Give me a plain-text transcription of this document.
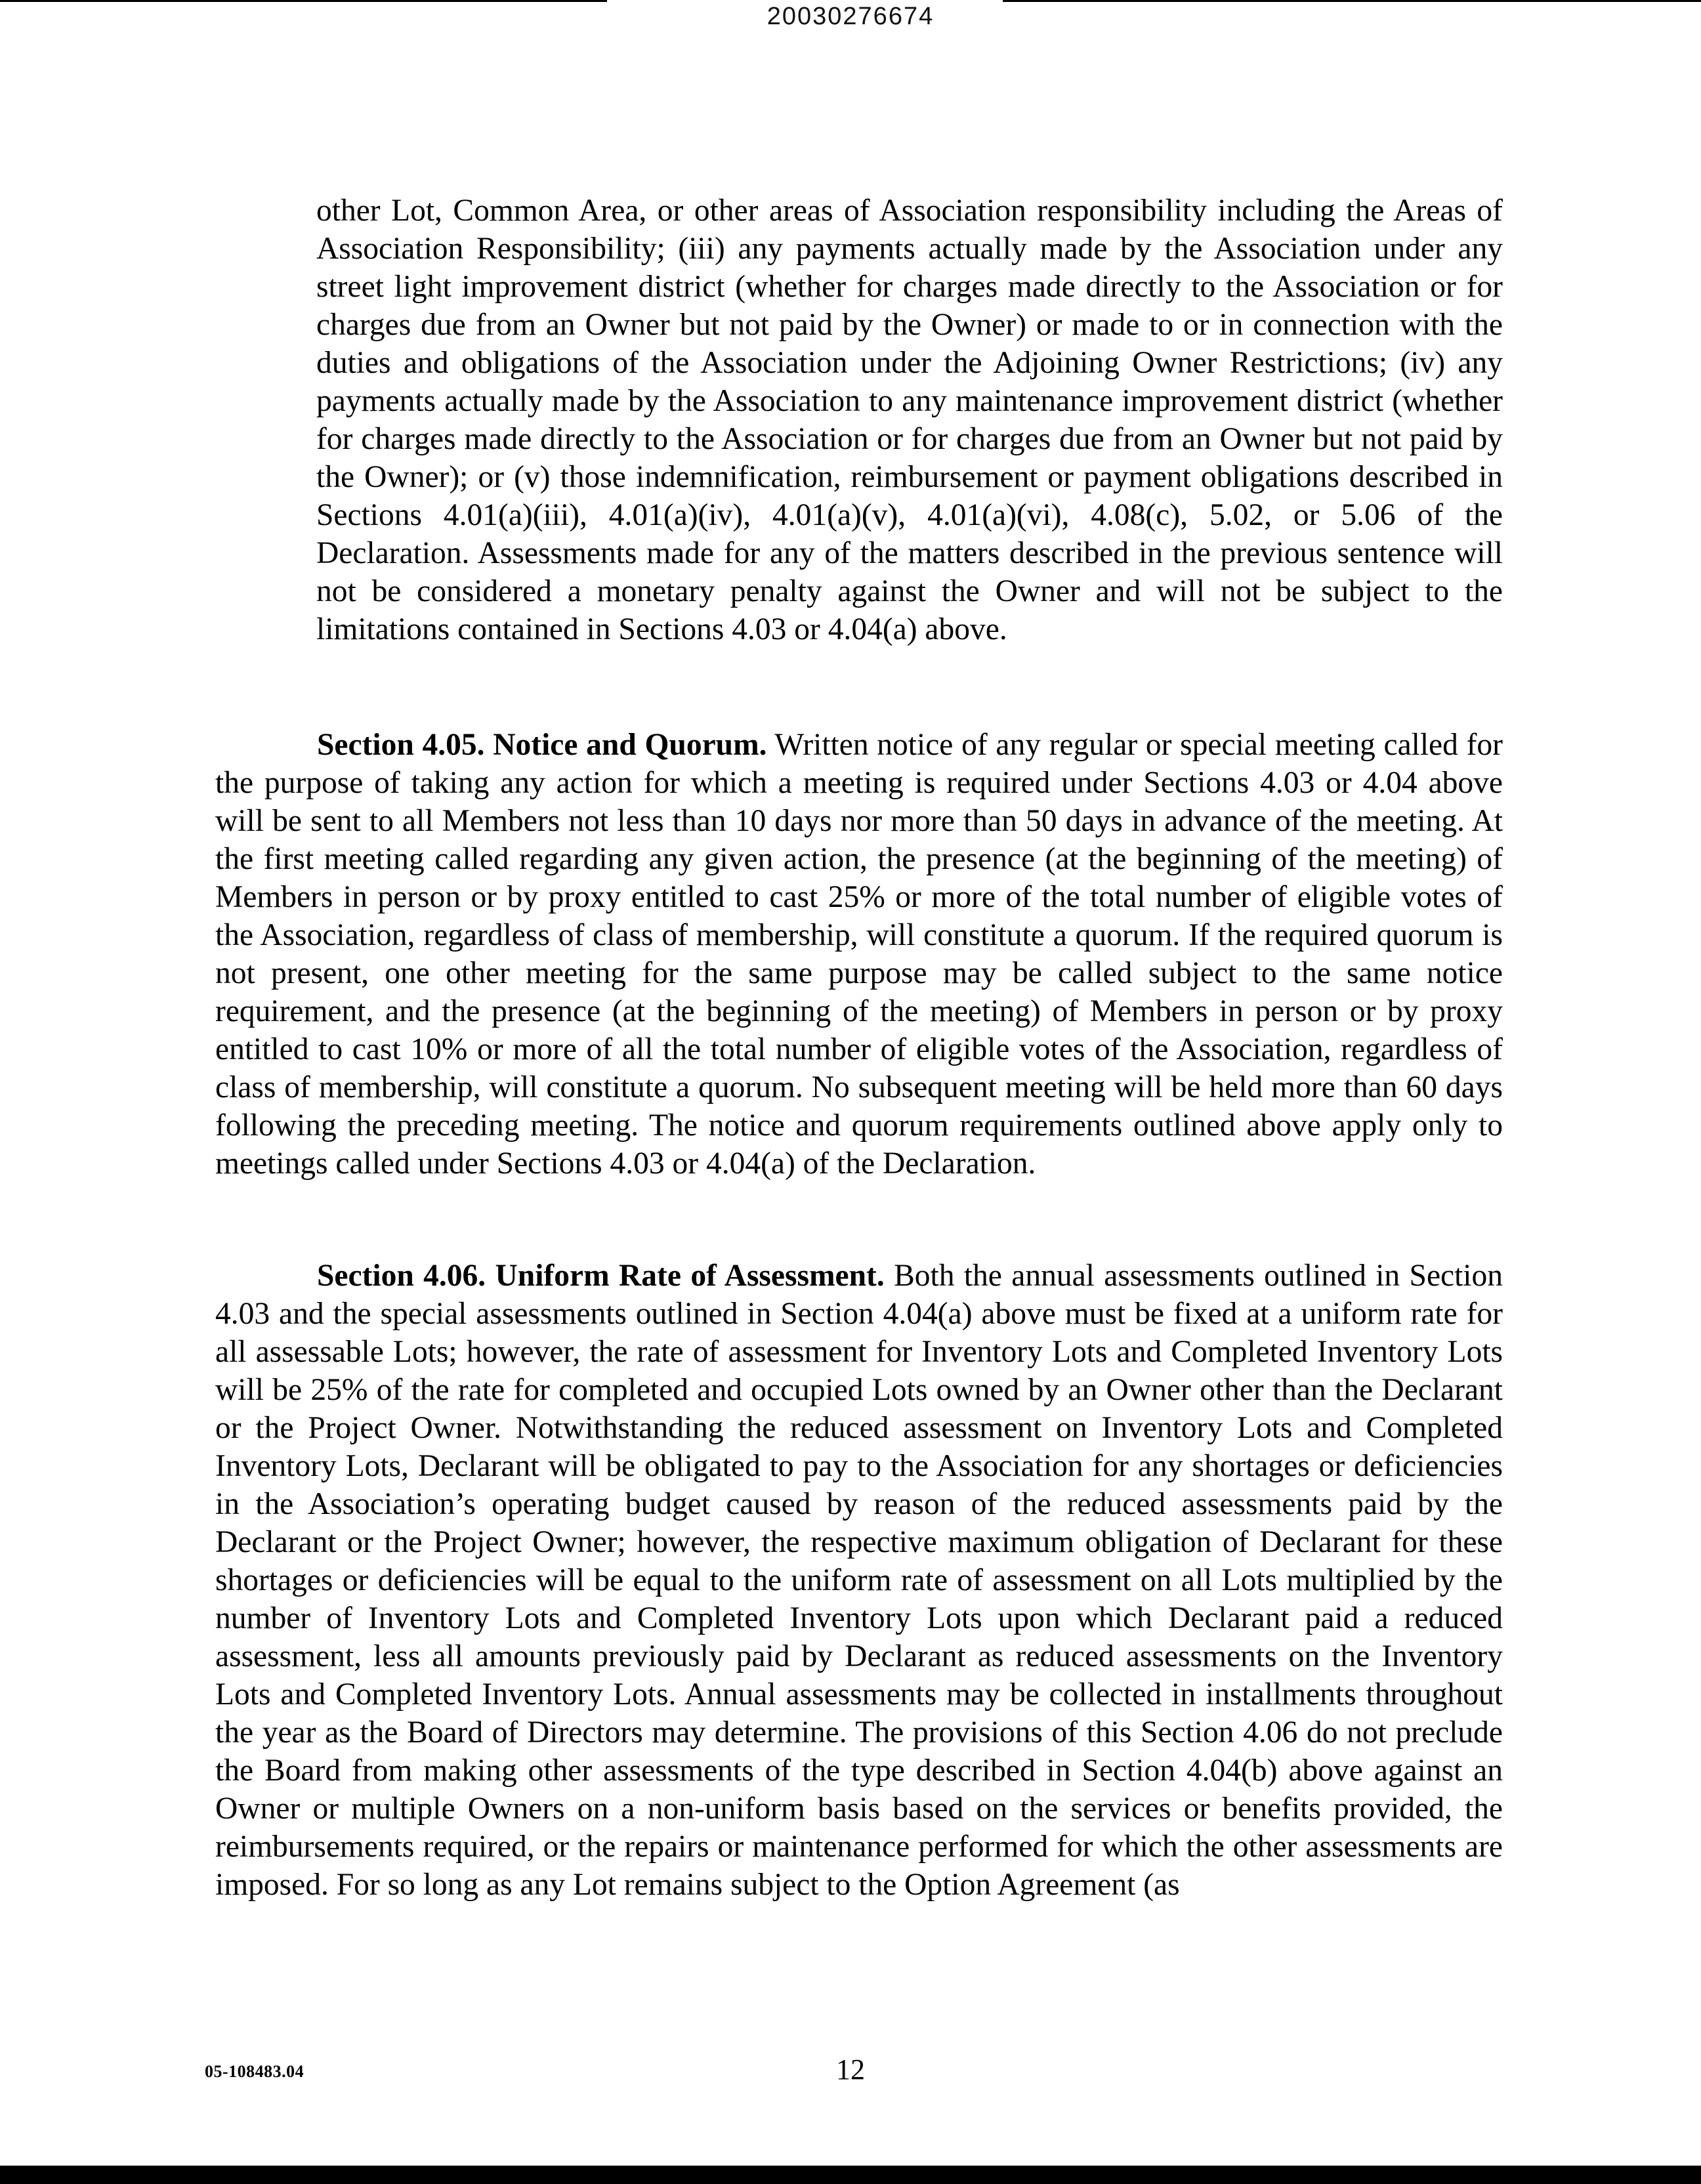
20030276674

other Lot, Common Area, or other areas of Association responsibility including the Areas of Association Responsibility; (iii) any payments actually made by the Association under any street light improvement district (whether for charges made directly to the Association or for charges due from an Owner but not paid by the Owner) or made to or in connection with the duties and obligations of the Association under the Adjoining Owner Restrictions; (iv) any payments actually made by the Association to any maintenance improvement district (whether for charges made directly to the Association or for charges due from an Owner but not paid by the Owner); or (v) those indemnification, reimbursement or payment obligations described in Sections 4.01(a)(iii), 4.01(a)(iv), 4.01(a)(v), 4.01(a)(vi), 4.08(c), 5.02, or 5.06 of the Declaration. Assessments made for any of the matters described in the previous sentence will not be considered a monetary penalty against the Owner and will not be subject to the limitations contained in Sections 4.03 or 4.04(a) above.

Section 4.05. Notice and Quorum. Written notice of any regular or special meeting called for the purpose of taking any action for which a meeting is required under Sections 4.03 or 4.04 above will be sent to all Members not less than 10 days nor more than 50 days in advance of the meeting. At the first meeting called regarding any given action, the presence (at the beginning of the meeting) of Members in person or by proxy entitled to cast 25% or more of the total number of eligible votes of the Association, regardless of class of membership, will constitute a quorum. If the required quorum is not present, one other meeting for the same purpose may be called subject to the same notice requirement, and the presence (at the beginning of the meeting) of Members in person or by proxy entitled to cast 10% or more of all the total number of eligible votes of the Association, regardless of class of membership, will constitute a quorum. No subsequent meeting will be held more than 60 days following the preceding meeting. The notice and quorum requirements outlined above apply only to meetings called under Sections 4.03 or 4.04(a) of the Declaration.

Section 4.06. Uniform Rate of Assessment. Both the annual assessments outlined in Section 4.03 and the special assessments outlined in Section 4.04(a) above must be fixed at a uniform rate for all assessable Lots; however, the rate of assessment for Inventory Lots and Completed Inventory Lots will be 25% of the rate for completed and occupied Lots owned by an Owner other than the Declarant or the Project Owner. Notwithstanding the reduced assessment on Inventory Lots and Completed Inventory Lots, Declarant will be obligated to pay to the Association for any shortages or deficiencies in the Association’s operating budget caused by reason of the reduced assessments paid by the Declarant or the Project Owner; however, the respective maximum obligation of Declarant for these shortages or deficiencies will be equal to the uniform rate of assessment on all Lots multiplied by the number of Inventory Lots and Completed Inventory Lots upon which Declarant paid a reduced assessment, less all amounts previously paid by Declarant as reduced assessments on the Inventory Lots and Completed Inventory Lots. Annual assessments may be collected in installments throughout the year as the Board of Directors may determine. The provisions of this Section 4.06 do not preclude the Board from making other assessments of the type described in Section 4.04(b) above against an Owner or multiple Owners on a non-uniform basis based on the services or benefits provided, the reimbursements required, or the repairs or maintenance performed for which the other assessments are imposed. For so long as any Lot remains subject to the Option Agreement (as

05-108483.04	12
